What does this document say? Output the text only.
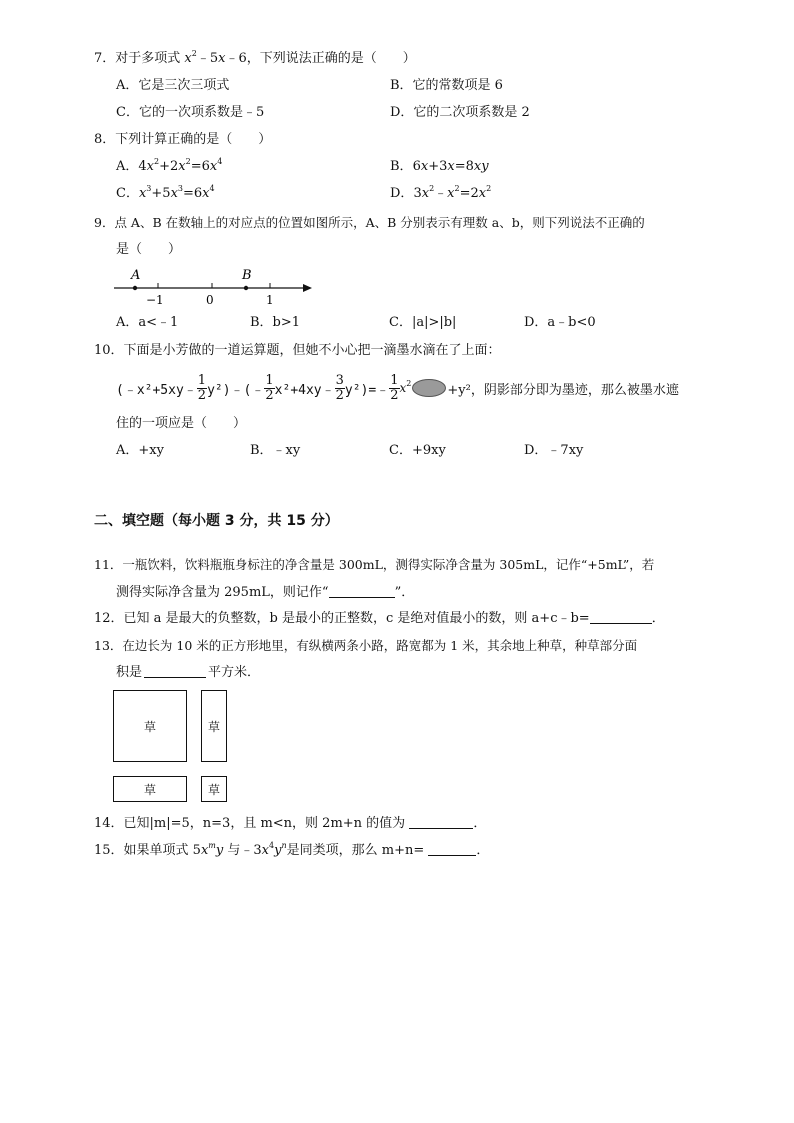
7．对于多项式 $x^2﹣5x﹣6$，下列说法正确的是（　　）
A．它是三次三项式	B．它的常数项是 6
C．它的一次项系数是﹣5	D．它的二次项系数是 2
8．下列计算正确的是（　　）
A．$4x^2+2x^2=6x^4$	B．6x+3x=8xy
C．$x^3+5x^3=6x^4$	D．$3x^2﹣x^2=2x^2$
9．点 A、B 在数轴上的对应点的位置如图所示，A、B 分别表示有理数 a、b，则下列说法不正确的
是（　　）
A	B
−1	0	1
A．a<﹣1	B．b>1	C．|a|>|b|	D．a﹣b<0
10．下面是小芳做的一道运算题，但她不小心把一滴墨水滴在了上面：
(﹣x²+5xy﹣ $\frac{1}{2}$ y²)﹣(﹣ $\frac{1}{2}$ x²+4xy﹣ $\frac{3}{2}$ y²)=﹣ $\frac{1}{2} x^2$	+y²，阴影部分即为墨迹，那么被墨水遮
住的一项应是（　　）
A．+xy	B．﹣xy	C．+9xy	D．﹣7xy
二、填空题（每小题 3 分，共 15 分）
11．一瓶饮料，饮料瓶瓶身标注的净含量是 300mL，测得实际净含量为 305mL，记作“+5mL”，若
测得实际净含量为 295mL，则记作“	”．
12．已知 a 是最大的负整数，b 是最小的正整数，c 是绝对值最小的数，则 a+c﹣b=	．
13．在边长为 10 米的正方形地里，有纵横两条小路，路宽都为 1 米，其余地上种草，种草部分面
积是	平方米．
草	草
草	草
14．已知|m|=5，n=3，且 m<n，则 2m+n 的值为	．
15．如果单项式 $5x^my$ 与$﹣3x^4y^n$是同类项，那么 m+n=	．
